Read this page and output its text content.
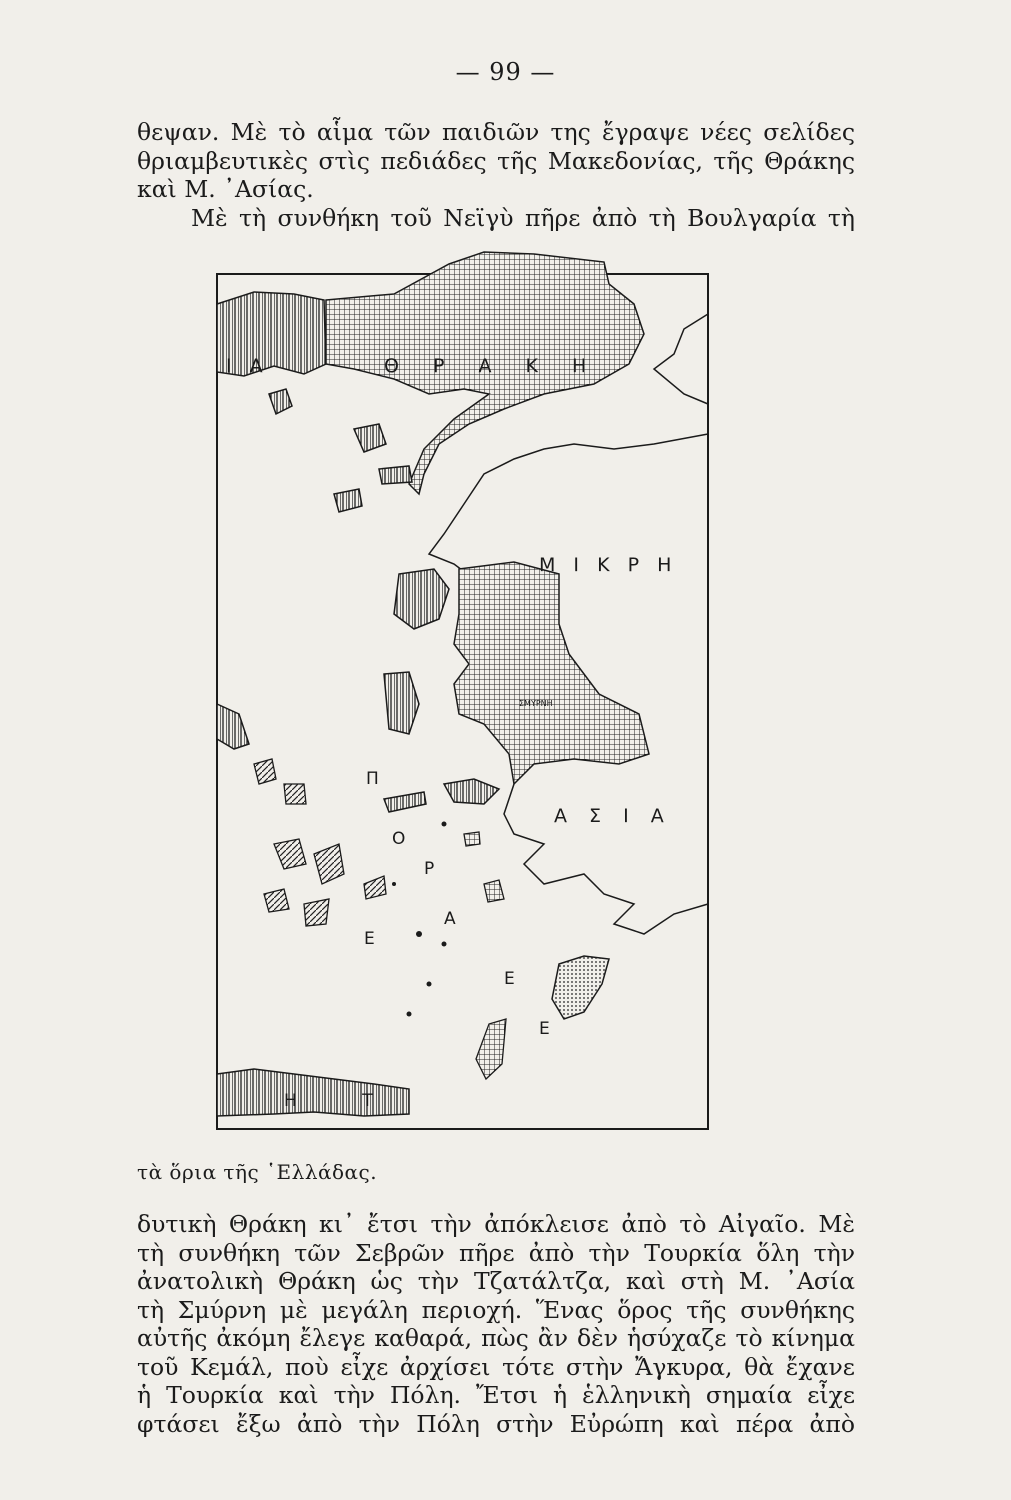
— 99 —

θεψαν. Μὲ τὸ αἷμα τῶν παιδιῶν της ἔγραψε νέες σελίδες
θριαμβευτικὲς στὶς πεδιάδες τῆς Μακεδονίας, τῆς Θράκης
καὶ Μ. ᾿Ασίας.
Μὲ τὴ συνθήκη τοῦ Νεϊγὺ πῆρε ἀπὸ τὴ Βουλγαρία τὴ

Ι Α	Θ Ρ Α Κ Η
Μ Ι Κ Ρ Η
Α Σ Ι Α
ΣΜΥΡΝΗ
Π
Ο
Ρ
Α
Ε
Ε
Ε
Η Τ
τὰ ὅρια τῆς ῾Ελλάδας.

δυτικὴ Θράκη κι᾿ ἔτσι τὴν ἀπόκλεισε ἀπὸ τὸ Αἰγαῖο. Μὲ
τὴ συνθήκη τῶν Σεβρῶν πῆρε ἀπὸ τὴν Τουρκία ὅλη τὴν
ἀνατολικὴ Θράκη ὡς τὴν Τζατάλτζα, καὶ στὴ Μ. ᾿Ασία
τὴ Σμύρνη μὲ μεγάλη περιοχή. Ἕνας ὅρος τῆς συνθήκης
αὐτῆς ἀκόμη ἔλεγε καθαρά, πὼς ἂν δὲν ἡσύχαζε τὸ κίνημα
τοῦ Κεμάλ, ποὺ εἶχε ἀρχίσει τότε στὴν Ἄγκυρα, θὰ ἔχανε
ἡ Τουρκία καὶ τὴν Πόλη. Ἔτσι ἡ ἑλληνικὴ σημαία εἶχε
φτάσει ἔξω ἀπὸ τὴν Πόλη στὴν Εὐρώπη καὶ πέρα ἀπὸ
